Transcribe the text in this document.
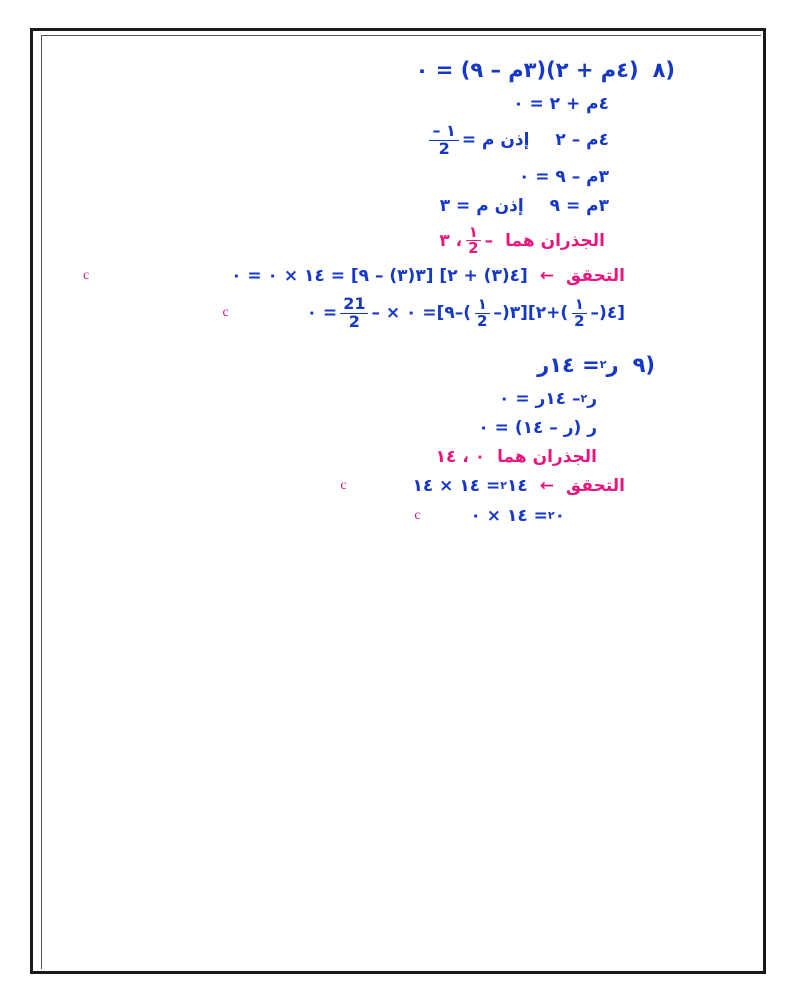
(٨
(٤م + ٢)(٣م – ٩) = ٠
٤م + ٢ = ٠
٤م – ٢
إذن م =
$\frac{١ -}{2}$
٣م – ٩ = ٠
٣م = ٩
إذن م = ٣
الجذران هما
–
$\frac{١}{2}$
، ٣
التحقق
←
[٤(٣) + ٢] [٣(٣) – ٩] = ١٤ × ٠ = ٠
c
[٤(–
$\frac{١}{2}$
)+٢][٣(–
$\frac{١}{2}$
)–٩]= ٠ × –
$\frac{21}{2}$
= ٠
c
(٩
ر
٢
= ١٤ر
ر
٢
– ١٤ر = ٠
ر (ر – ١٤) = ٠
الجذران هما
٠ ، ١٤
التحقق
←
١٤
٢
= ١٤ × ١٤
c
٠
٢
= ١٤ × ٠
c
